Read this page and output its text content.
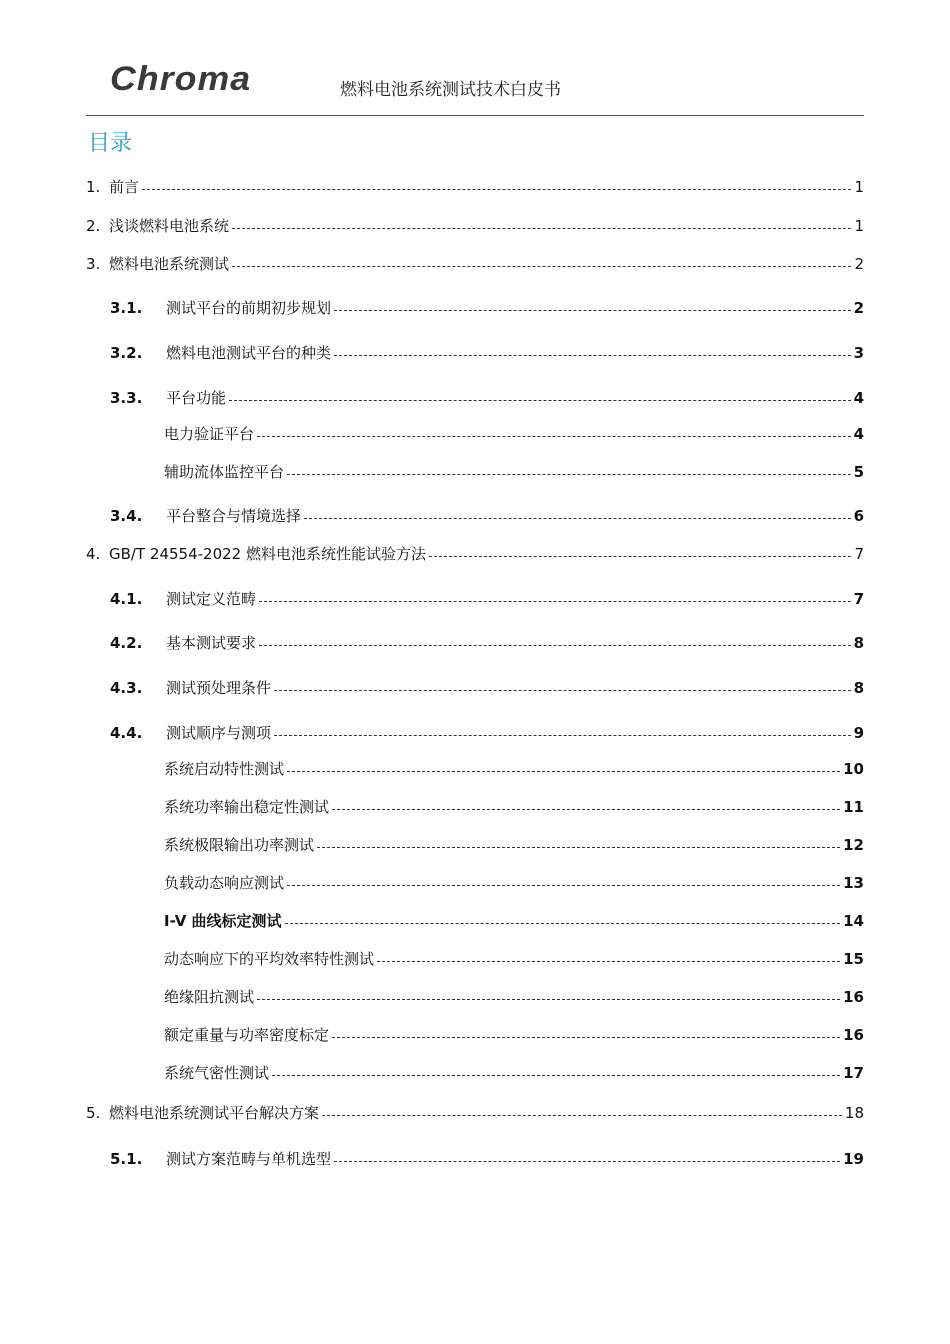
Chroma	燃料电池系统测试技术白皮书
目录
1. 前言	1
2. 浅谈燃料电池系统	1
3. 燃料电池系统测试	2
3.1.	测试平台的前期初步规划	2
3.2.	燃料电池测试平台的种类	3
3.3.	平台功能	4
电力验证平台	4
辅助流体监控平台	5
3.4.	平台整合与情境选择	6
4. GB/T 24554-2022 燃料电池系统性能试验方法	7
4.1.	测试定义范畴	7
4.2.	基本测试要求	8
4.3.	测试预处理条件	8
4.4.	测试顺序与测项	9
系统启动特性测试	10
系统功率输出稳定性测试	11
系统极限输出功率测试	12
负载动态响应测试	13
I-V 曲线标定测试	14
动态响应下的平均效率特性测试	15
绝缘阻抗测试	16
额定重量与功率密度标定	16
系统气密性测试	17
5. 燃料电池系统测试平台解决方案	18
5.1.	测试方案范畴与单机选型	19
